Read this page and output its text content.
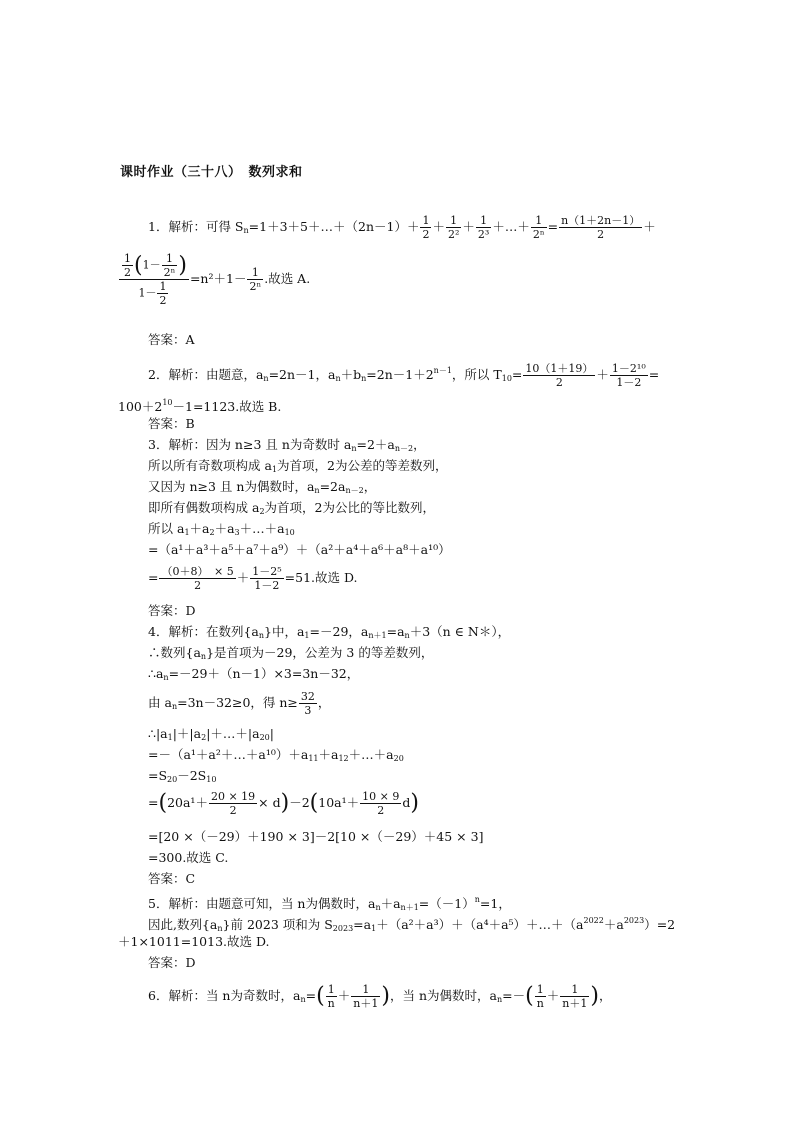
课时作业（三十八）　数列求和
1．解析：可得 $S_n=1+3+5+\dots+(2n-1)+ \frac{1}{2} + \frac{1}{\text{2²}} + \frac{1}{\text{2³}}$ ＋…＋ $\frac{1}{\text{2ⁿ}} = \frac{n(1+2n-1)}{2}$ ＋
$\frac{\frac{1}{2} (1- \frac{1}{\text{2ⁿ}} )}{1- \frac{1}{2}} =n^2+1- \frac{1}{\text{2ⁿ}}$ .故选 A.
答案：A
2．解析：由题意，$a_n=2n-1$，$a_n+b_n=2n-1+2^{n-1}$，所以 $T_{10}= \frac{10(1+19)}{2} + \frac{\text{1－2¹⁰}}{1-2}$ =
$100+2^{10}-1=1123$.故选 B.
答案：B
3．解析：因为 n≥3 且 n为奇数时 $a_n=2+a_{n-2}$，
所以所有奇数项构成 $a_1$为首项，2为公差的等差数列，
又因为 n≥3 且 n为偶数时，$a_n=2a_{n-2}$，
即所有偶数项构成 $a_2$为首项，2为公比的等比数列，
所以 $a_1+a_2+a_3+\dots+a_{10}$
=（a¹＋a³＋a⁵＋a⁷＋a⁹）＋（a²＋a⁴＋a⁶＋a⁸＋a¹⁰）
= $\frac{(0+8) \times 5}{2} + \frac{\text{1－2⁵}}{1-2} =51$.故选 D.
答案：D
4．解析：在数列$\{a_n\}$中，$a_1=-29$，$a_{n+1}=a_n+3(n$ ∈ N＊），
∴数列$\{a_n\}$是首项为－29，公差为 3 的等差数列，
$\therefore a_n=-29+(n-1)\times 3=3n-32$，
由 $a_n=3n-32\ge 0$，得 $n\ge \frac{32}{3}$ ，
$\therefore|a_1|+|a_2|+\dots+|a_{20}|$
$=-(a^1+a^2+\dots+a^{10})+a_{11}+a_{12}+\dots+a_{20}$
$=S_{20}-2S_{10}$
$=(20a^1+ \frac{20 \times 19}{2} \times d)-2(10a^1+ \frac{10 \times 9}{2} d)$
=[20 ×（－29）＋190 × 3]－2[10 ×（－29）＋45 × 3]
=300.故选 C.
答案：C
5．解析：由题意可知，当 n为偶数时，$a_n+a_{n+1}=(-1)^n=1$，
因此,数列$\{a_n\}$前 2023 项和为 $S_{2023}=a_1+(a^2+a^3)+(a^4+a^5)+\dots+(a^{2022}+a^{2023})=2$
＋1×1011=1013.故选 D.
答案：D
6．解析：当 n为奇数时，$a_n=( \frac{1}{n} + \frac{1}{n+1}$ )，当 n为偶数时，$a_n=-( \frac{1}{n} + \frac{1}{n+1}$ )，
